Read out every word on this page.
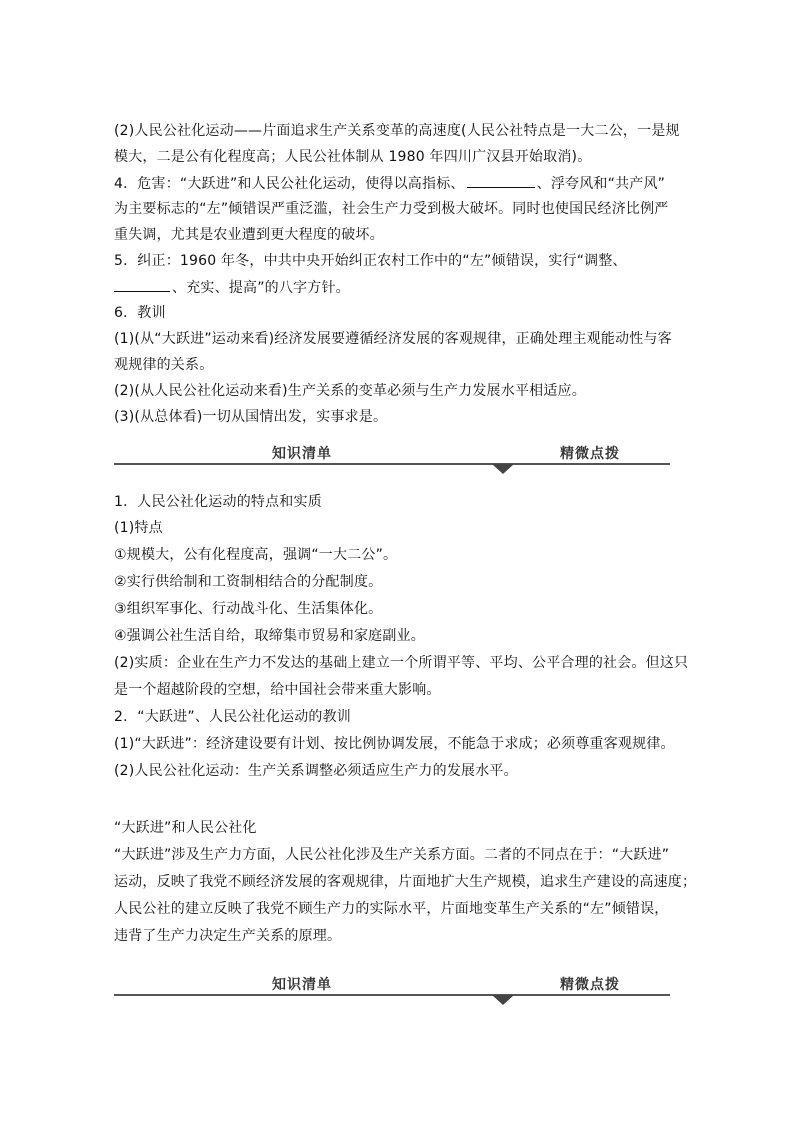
(2)人民公社化运动——片面追求生产关系变革的高速度(人民公社特点是一大二公，一是规
模大，二是公有化程度高；人民公社体制从 1980 年四川广汉县开始取消)。
4．危害：“大跃进”和人民公社化运动，使得以高指标、	、浮夸风和“共产风”
为主要标志的“左”倾错误严重泛滥，社会生产力受到极大破坏。同时也使国民经济比例严
重失调，尤其是农业遭到更大程度的破坏。
5．纠正：1960 年冬，中共中央开始纠正农村工作中的“左”倾错误，实行“调整、
、充实、提高”的八字方针。
6．教训
(1)(从“大跃进”运动来看)经济发展要遵循经济发展的客观规律，正确处理主观能动性与客
观规律的关系。
(2)(从人民公社化运动来看)生产关系的变革必须与生产力发展水平相适应。
(3)(从总体看)一切从国情出发，实事求是。
知识清单	精微点拨
1．人民公社化运动的特点和实质
(1)特点
①规模大，公有化程度高，强调“一大二公”。
②实行供给制和工资制相结合的分配制度。
③组织军事化、行动战斗化、生活集体化。
④强调公社生活自给，取缔集市贸易和家庭副业。
(2)实质：企业在生产力不发达的基础上建立一个所谓平等、平均、公平合理的社会。但这只
是一个超越阶段的空想，给中国社会带来重大影响。
2．“大跃进”、人民公社化运动的教训
(1)“大跃进”：经济建设要有计划、按比例协调发展，不能急于求成；必须尊重客观规律。
(2)人民公社化运动：生产关系调整必须适应生产力的发展水平。
“大跃进”和人民公社化
“大跃进”涉及生产力方面，人民公社化涉及生产关系方面。二者的不同点在于：“大跃进”
运动，反映了我党不顾经济发展的客观规律，片面地扩大生产规模，追求生产建设的高速度；
人民公社的建立反映了我党不顾生产力的实际水平，片面地变革生产关系的“左”倾错误，
违背了生产力决定生产关系的原理。
知识清单	精微点拨
